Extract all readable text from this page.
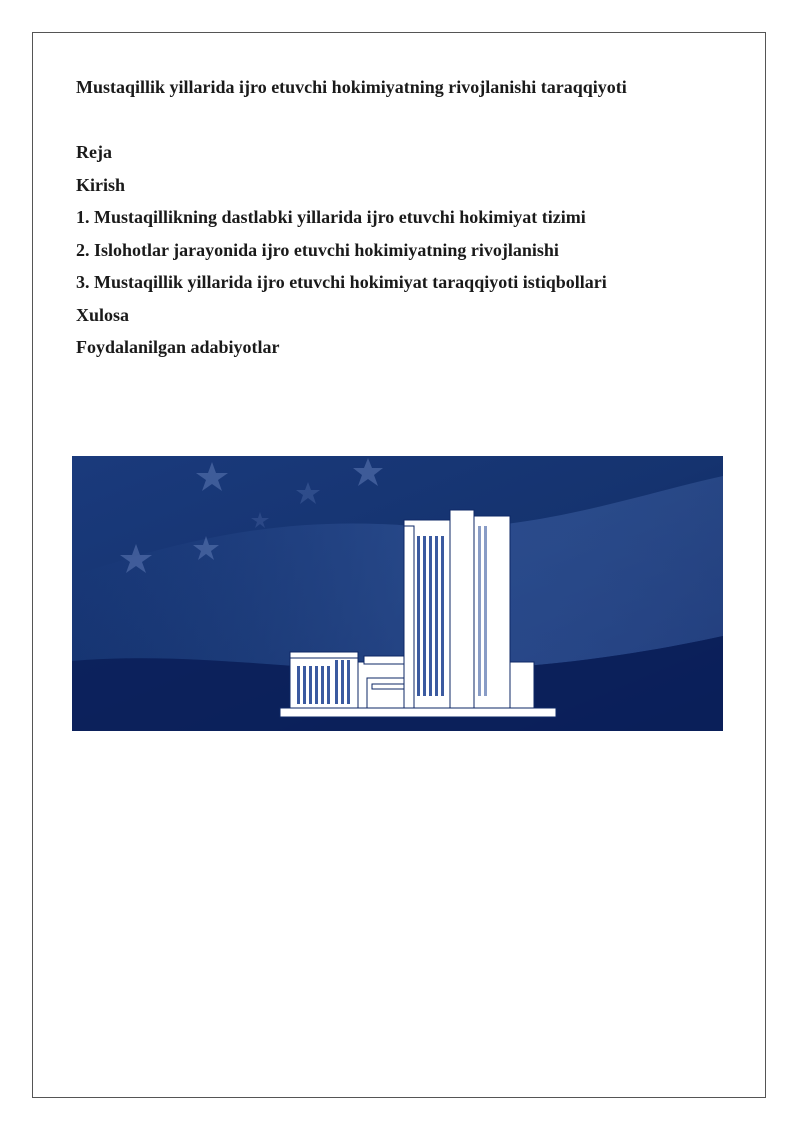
Mustaqillik yillarida ijro etuvchi hokimiyatning rivojlanishi taraqqiyoti
Reja
Kirish
1. Mustaqillikning dastlabki yillarida ijro etuvchi hokimiyat tizimi
2. Islohotlar jarayonida ijro etuvchi hokimiyatning rivojlanishi
3. Mustaqillik yillarida ijro etuvchi hokimiyat taraqqiyoti istiqbollari
Xulosa
Foydalanilgan adabiyotlar
